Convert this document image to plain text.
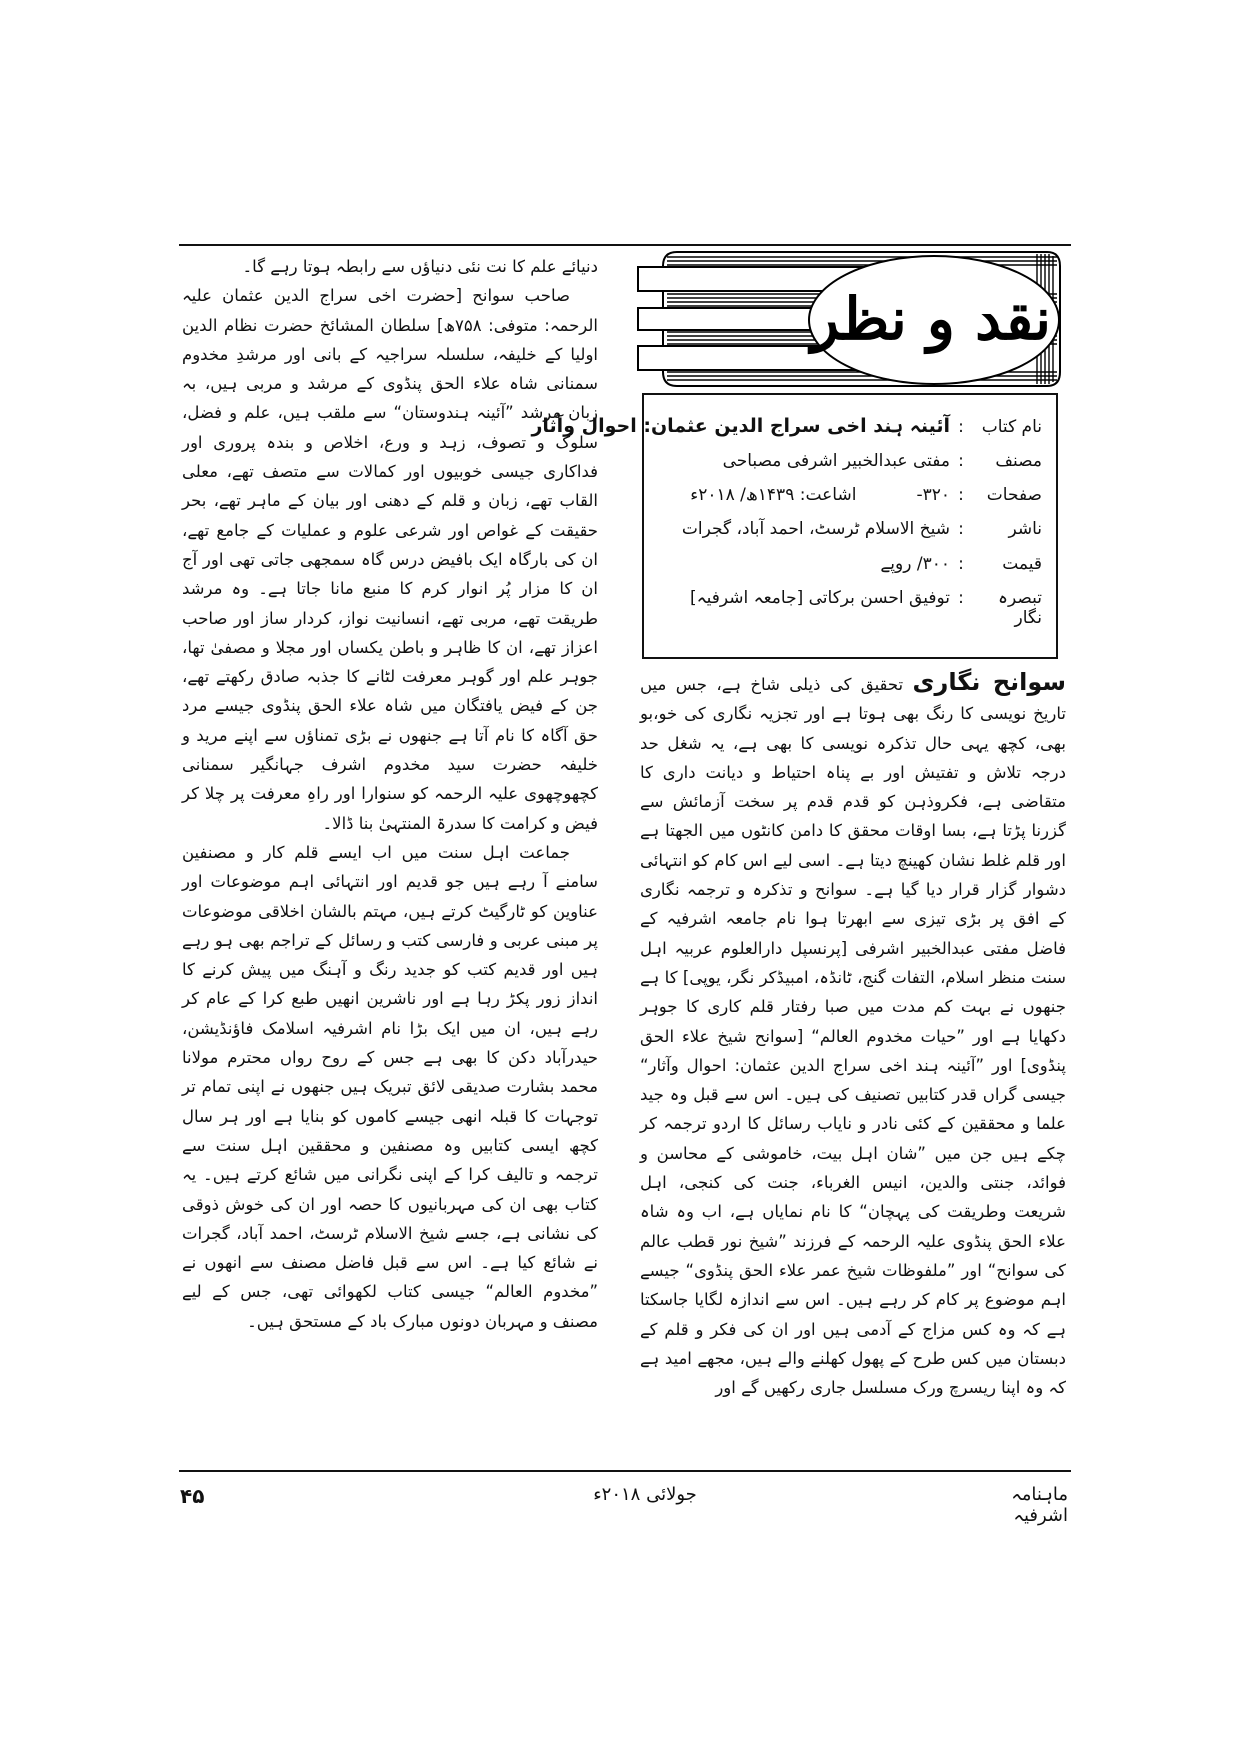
نقد و نظر
نام کتاب
:
آئینہ ہند اخی سراج الدین عثمان: احوال وآثار
مصنف
:
مفتی عبدالخبیر اشرفی مصباحی
صفحات
:
۳۲۰-اشاعت: ۱۴۳۹ھ/ ۲۰۱۸ء
ناشر
:
شیخ الاسلام ٹرسٹ، احمد آباد، گجرات
قیمت
:
۳۰۰/ روپے
تبصرہ نگار
:
توفیق احسن برکاتی [جامعہ اشرفیہ]

سوانح نگاری تحقیق کی ذیلی شاخ ہے، جس میں تاریخ نویسی کا رنگ بھی ہوتا ہے اور تجزیہ نگاری کی خو،بو بھی، کچھ یہی حال تذکرہ نویسی کا بھی ہے، یہ شغل حد درجہ تلاش و تفتیش اور بے پناہ احتیاط و دیانت داری کا متقاضی ہے، فکروذہن کو قدم قدم پر سخت آزمائش سے گزرنا پڑتا ہے، بسا اوقات محقق کا دامن کانٹوں میں الجھتا ہے اور قلم غلط نشان کھینچ دیتا ہے۔ اسی لیے اس کام کو انتہائی دشوار گزار قرار دیا گیا ہے۔ سوانح و تذکرہ و ترجمہ نگاری کے افق پر بڑی تیزی سے ابھرتا ہوا نام جامعہ اشرفیہ کے فاضل مفتی عبدالخبیر اشرفی [پرنسپل دارالعلوم عربیہ اہل سنت منظر اسلام، التفات گنج، ٹانڈہ، امبیڈکر نگر، یوپی] کا ہے جنھوں نے بہت کم مدت میں صبا رفتار قلم کاری کا جوہر دکھایا ہے اور ”حیات مخدوم العالم“ [سوانح شیخ علاء الحق پنڈوی] اور ”آئینہ ہند اخی سراج الدین عثمان: احوال وآثار“ جیسی گراں قدر کتابیں تصنیف کی ہیں۔ اس سے قبل وہ جید علما و محققین کے کئی نادر و نایاب رسائل کا اردو ترجمہ کر چکے ہیں جن میں ”شان اہل بیت، خاموشی کے محاسن و فوائد، جنتی والدین، انیس الغرباء، جنت کی کنجی، اہل شریعت وطریقت کی پہچان“ کا نام نمایاں ہے، اب وہ شاہ علاء الحق پنڈوی علیہ الرحمہ کے فرزند ”شیخ نور قطب عالم کی سوانح“ اور ”ملفوظات شیخ عمر علاء الحق پنڈوی“ جیسے اہم موضوع پر کام کر رہے ہیں۔ اس سے اندازہ لگایا جاسکتا ہے کہ وہ کس مزاج کے آدمی ہیں اور ان کی فکر و قلم کے دبستان میں کس طرح کے پھول کھلنے والے ہیں، مجھے امید ہے کہ وہ اپنا ریسرچ ورک مسلسل جاری رکھیں گے اور

دنیائے علم کا نت نئی دنیاؤں سے رابطہ ہوتا رہے گا۔

صاحب سوانح [حضرت اخی سراج الدین عثمان علیہ الرحمہ: متوفی: ۷۵۸ھ] سلطان المشائخ حضرت نظام الدین اولیا کے خلیفہ، سلسلہ سراجیہ کے بانی اور مرشدِ مخدوم سمنانی شاہ علاء الحق پنڈوی کے مرشد و مربی ہیں، بہ زبان مرشد ”آئینہ ہندوستان“ سے ملقب ہیں، علم و فضل، سلوک و تصوف، زہد و ورع، اخلاص و بندہ پروری اور فداکاری جیسی خوبیوں اور کمالات سے متصف تھے، معلی القاب تھے، زبان و قلم کے دھنی اور بیان کے ماہر تھے، بحر حقیقت کے غواص اور شرعی علوم و عملیات کے جامع تھے، ان کی بارگاہ ایک بافیض درس گاہ سمجھی جاتی تھی اور آج ان کا مزار پُر انوار کرم کا منبع مانا جاتا ہے۔ وہ مرشد طریقت تھے، مربی تھے، انسانیت نواز، کردار ساز اور صاحب اعزاز تھے، ان کا ظاہر و باطن یکساں اور مجلا و مصفیٰ تھا، جوہر علم اور گوہر معرفت لٹانے کا جذبہ صادق رکھتے تھے، جن کے فیض یافتگان میں شاہ علاء الحق پنڈوی جیسے مرد حق آگاہ کا نام آتا ہے جنھوں نے بڑی تمناؤں سے اپنے مرید و خلیفہ حضرت سید مخدوم اشرف جہانگیر سمنانی کچھوچھوی علیہ الرحمہ کو سنوارا اور راہِ معرفت پر چلا کر فیض و کرامت کا سدرۃ المنتہیٰ بنا ڈالا۔

جماعت اہل سنت میں اب ایسے قلم کار و مصنفین سامنے آ رہے ہیں جو قدیم اور انتہائی اہم موضوعات اور عناوین کو ٹارگیٹ کرتے ہیں، مہتم بالشان اخلاقی موضوعات پر مبنی عربی و فارسی کتب و رسائل کے تراجم بھی ہو رہے ہیں اور قدیم کتب کو جدید رنگ و آہنگ میں پیش کرنے کا انداز زور پکڑ رہا ہے اور ناشرین انھیں طبع کرا کے عام کر رہے ہیں، ان میں ایک بڑا نام اشرفیہ اسلامک فاؤنڈیشن، حیدرآباد دکن کا بھی ہے جس کے روح رواں محترم مولانا محمد بشارت صدیقی لائق تبریک ہیں جنھوں نے اپنی تمام تر توجہات کا قبلہ انھی جیسے کاموں کو بنایا ہے اور ہر سال کچھ ایسی کتابیں وہ مصنفین و محققین اہل سنت سے ترجمہ و تالیف کرا کے اپنی نگرانی میں شائع کرتے ہیں۔ یہ کتاب بھی ان کی مہربانیوں کا حصہ اور ان کی خوش ذوقی کی نشانی ہے، جسے شیخ الاسلام ٹرسٹ، احمد آباد، گجرات نے شائع کیا ہے۔ اس سے قبل فاضل مصنف سے انھوں نے ”مخدوم العالم“ جیسی کتاب لکھوائی تھی، جس کے لیے مصنف و مہربان دونوں مبارک باد کے مستحق ہیں۔

ماہنامہ اشرفیہ
جولائی ۲۰۱۸ء
۴۵
